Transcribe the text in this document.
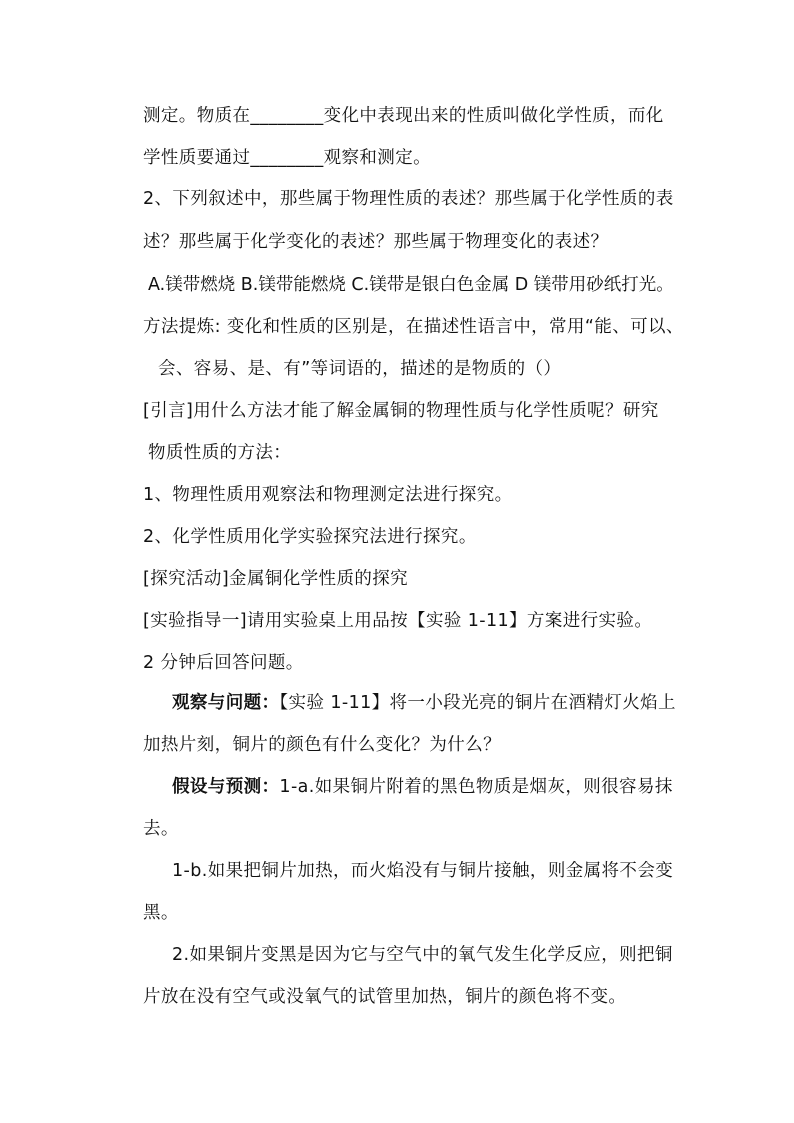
测定。物质在________变化中表现出来的性质叫做化学性质，而化
学性质要通过________观察和测定。
2、下列叙述中，那些属于物理性质的表述？那些属于化学性质的表
述？那些属于化学变化的表述？那些属于物理变化的表述？
A.镁带燃烧 B.镁带能燃烧 C.镁带是银白色金属 D 镁带用砂纸打光。
方法提炼: 变化和性质的区别是，在描述性语言中，常用“能、可以、
会、容易、是、有”等词语的，描述的是物质的（）
[引言]用什么方法才能了解金属铜的物理性质与化学性质呢？研究
物质性质的方法：
1、物理性质用观察法和物理测定法进行探究。
2、化学性质用化学实验探究法进行探究。
[探究活动]金属铜化学性质的探究
[实验指导一]请用实验桌上用品按【实验 1-11】方案进行实验。
2 分钟后回答问题。
观察与问题：【实验 1-11】将一小段光亮的铜片在酒精灯火焰上
加热片刻，铜片的颜色有什么变化？为什么？
假设与预测：1-a.如果铜片附着的黑色物质是烟灰，则很容易抹
去。
1-b.如果把铜片加热，而火焰没有与铜片接触，则金属将不会变
黑。
2.如果铜片变黑是因为它与空气中的氧气发生化学反应，则把铜
片放在没有空气或没氧气的试管里加热，铜片的颜色将不变。
